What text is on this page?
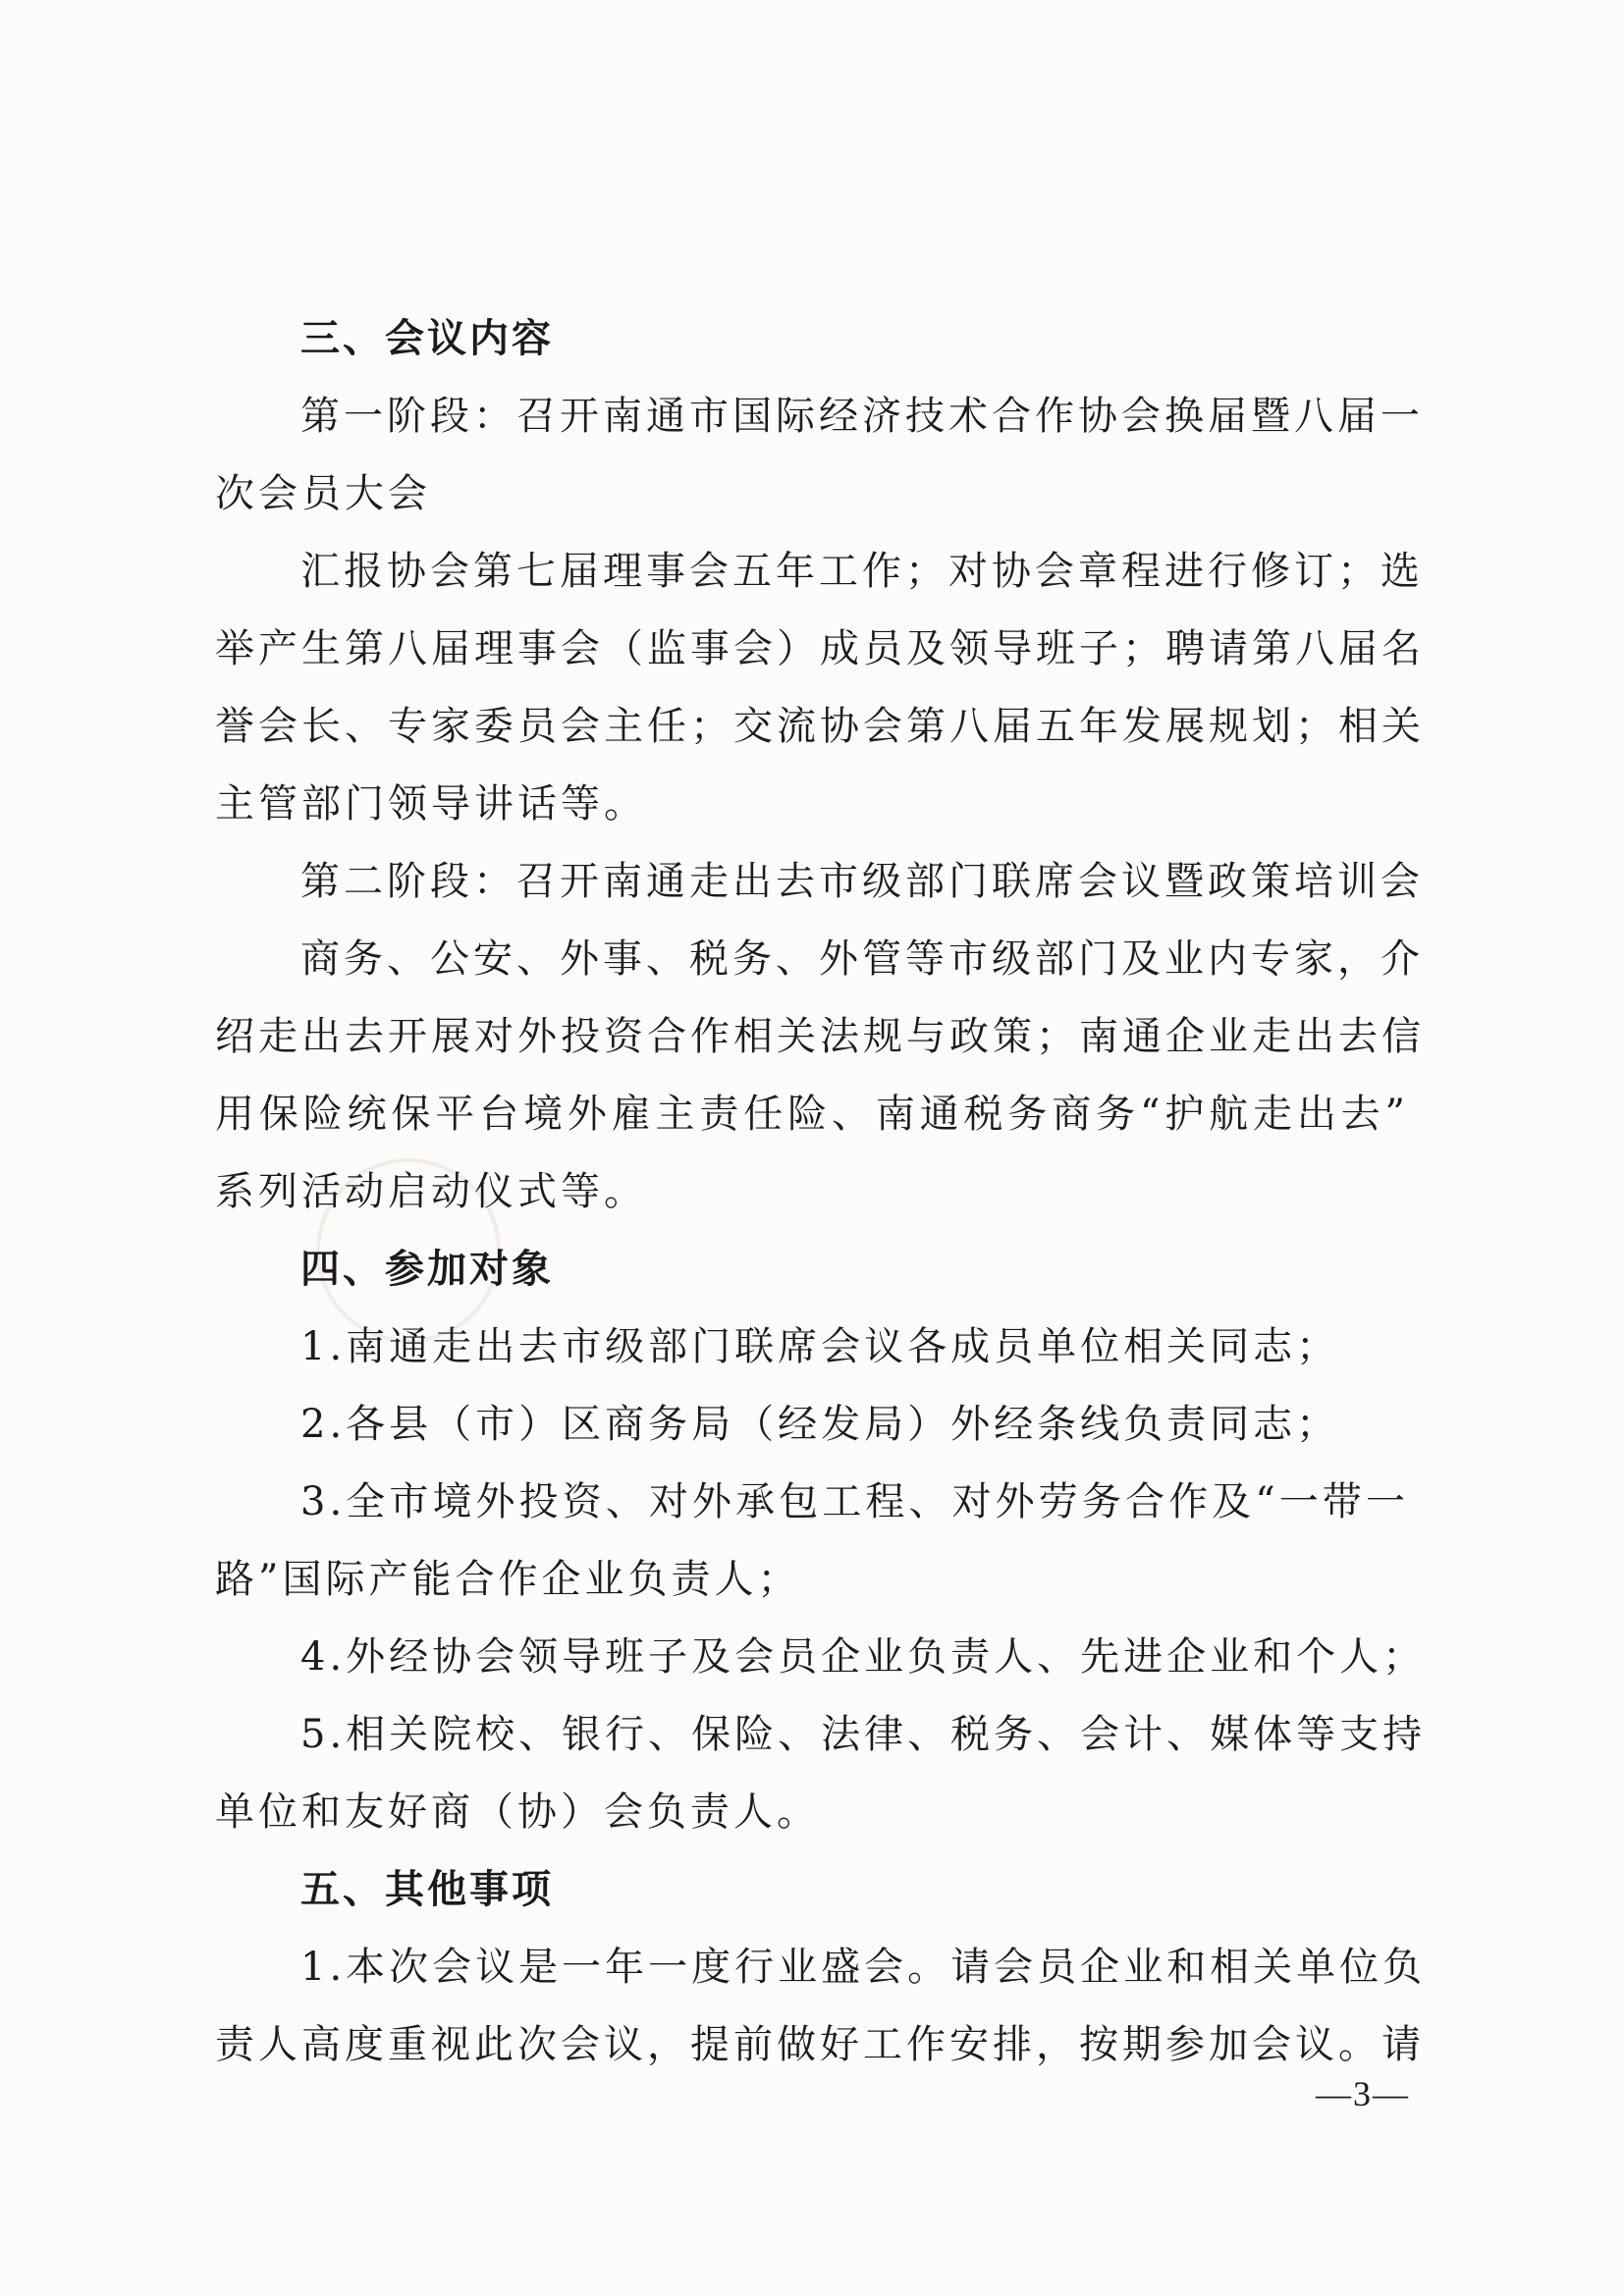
三、会议内容
第一阶段：召开南通市国际经济技术合作协会换届暨八届一
次会员大会
汇报协会第七届理事会五年工作；对协会章程进行修订；选
举产生第八届理事会（监事会）成员及领导班子；聘请第八届名
誉会长、专家委员会主任；交流协会第八届五年发展规划；相关
主管部门领导讲话等。
第二阶段：召开南通走出去市级部门联席会议暨政策培训会
商务、公安、外事、税务、外管等市级部门及业内专家，介
绍走出去开展对外投资合作相关法规与政策；南通企业走出去信
用保险统保平台境外雇主责任险、南通税务商务“护航走出去”
系列活动启动仪式等。
四、参加对象
1.南通走出去市级部门联席会议各成员单位相关同志；
2.各县（市）区商务局（经发局）外经条线负责同志；
3.全市境外投资、对外承包工程、对外劳务合作及“一带一
路”国际产能合作企业负责人；
4.外经协会领导班子及会员企业负责人、先进企业和个人；
5.相关院校、银行、保险、法律、税务、会计、媒体等支持
单位和友好商（协）会负责人。
五、其他事项
1.本次会议是一年一度行业盛会。请会员企业和相关单位负
责人高度重视此次会议，提前做好工作安排，按期参加会议。请
—3—
